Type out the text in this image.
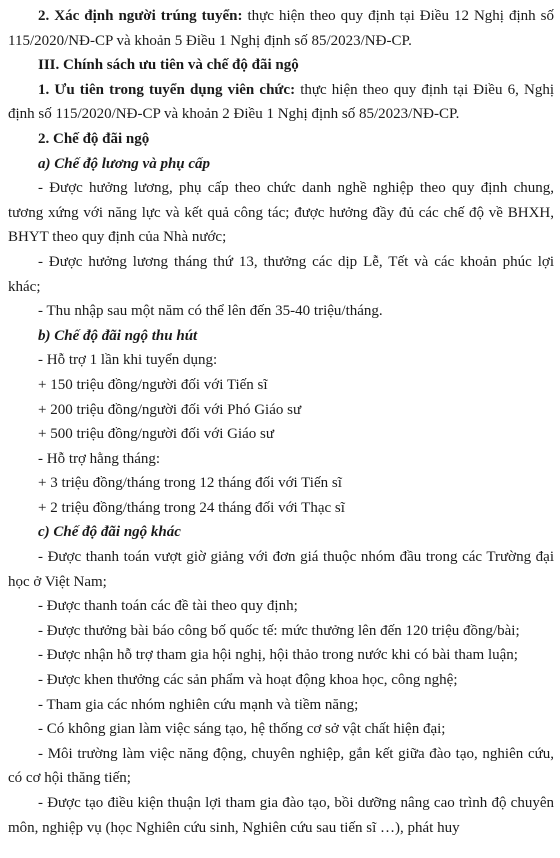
2. Xác định người trúng tuyển: thực hiện theo quy định tại Điều 12 Nghị định số 115/2020/NĐ-CP và khoản 5 Điều 1 Nghị định số 85/2023/NĐ-CP.

III. Chính sách ưu tiên và chế độ đãi ngộ

1. Ưu tiên trong tuyển dụng viên chức: thực hiện theo quy định tại Điều 6, Nghị định số 115/2020/NĐ-CP và khoản 2 Điều 1 Nghị định số 85/2023/NĐ-CP.

2. Chế độ đãi ngộ

a) Chế độ lương và phụ cấp

- Được hưởng lương, phụ cấp theo chức danh nghề nghiệp theo quy định chung, tương xứng với năng lực và kết quả công tác; được hưởng đầy đủ các chế độ về BHXH, BHYT theo quy định của Nhà nước;

- Được hưởng lương tháng thứ 13, thưởng các dịp Lễ, Tết và các khoản phúc lợi khác;

- Thu nhập sau một năm có thể lên đến 35-40 triệu/tháng.

b) Chế độ đãi ngộ thu hút

- Hỗ trợ 1 lần khi tuyển dụng:

+ 150 triệu đồng/người đối với Tiến sĩ

+ 200 triệu đồng/người đối với Phó Giáo sư

+ 500 triệu đồng/người đối với Giáo sư

- Hỗ trợ hằng tháng:

+ 3 triệu đồng/tháng trong 12 tháng đối với Tiến sĩ

+ 2 triệu đồng/tháng trong 24 tháng đối với Thạc sĩ

c) Chế độ đãi ngộ khác

- Được thanh toán vượt giờ giảng với đơn giá thuộc nhóm đầu trong các Trường đại học ở Việt Nam;

- Được thanh toán các đề tài theo quy định;

- Được thưởng bài báo công bố quốc tế: mức thưởng lên đến 120 triệu đồng/bài;

- Được nhận hỗ trợ tham gia hội nghị, hội thảo trong nước khi có bài tham luận;

- Được khen thưởng các sản phẩm và hoạt động khoa học, công nghệ;

- Tham gia các nhóm nghiên cứu mạnh và tiềm năng;

- Có không gian làm việc sáng tạo, hệ thống cơ sở vật chất hiện đại;

- Môi trường làm việc năng động, chuyên nghiệp, gắn kết giữa đào tạo, nghiên cứu, có cơ hội thăng tiến;

- Được tạo điều kiện thuận lợi tham gia đào tạo, bồi dưỡng nâng cao trình độ chuyên môn, nghiệp vụ (học Nghiên cứu sinh, Nghiên cứu sau tiến sĩ …), phát huy
